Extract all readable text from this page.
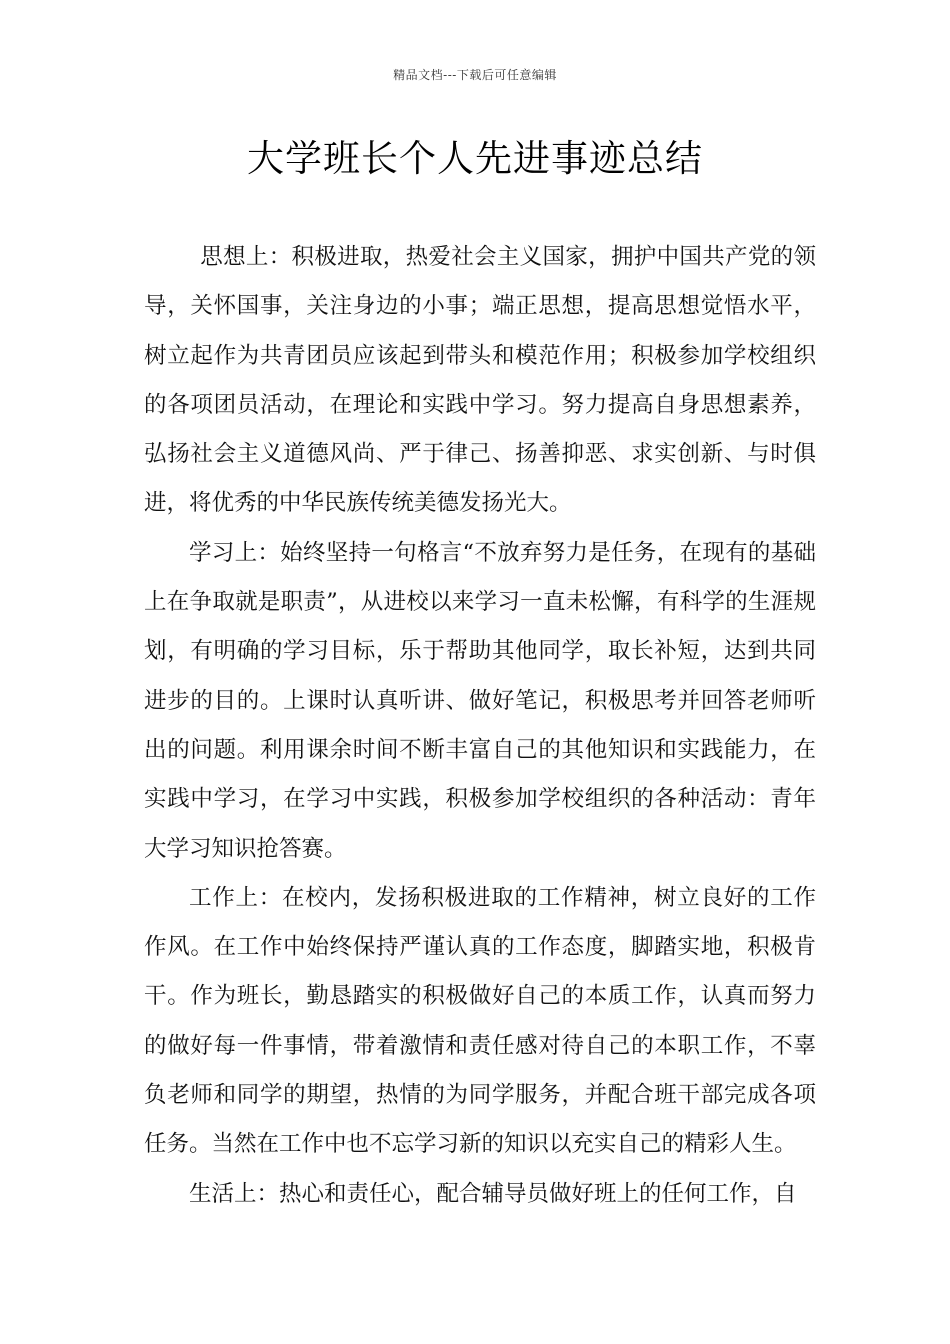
精品文档---下载后可任意编辑
大学班长个人先进事迹总结

思想上：积极进取，热爱社会主义国家，拥护中国共产党的领导，关怀国事，关注身边的小事；端正思想，提高思想觉悟水平，树立起作为共青团员应该起到带头和模范作用；积极参加学校组织的各项团员活动，在理论和实践中学习。努力提高自身思想素养，弘扬社会主义道德风尚、严于律己、扬善抑恶、求实创新、与时俱进，将优秀的中华民族传统美德发扬光大。

学习上：始终坚持一句格言“不放弃努力是任务，在现有的基础上在争取就是职责”，从进校以来学习一直未松懈，有科学的生涯规划，有明确的学习目标，乐于帮助其他同学，取长补短，达到共同进步的目的。上课时认真听讲、做好笔记，积极思考并回答老师听出的问题。利用课余时间不断丰富自己的其他知识和实践能力，在实践中学习，在学习中实践，积极参加学校组织的各种活动：青年大学习知识抢答赛。

工作上：在校内，发扬积极进取的工作精神，树立良好的工作作风。在工作中始终保持严谨认真的工作态度，脚踏实地，积极肯干。作为班长，勤恳踏实的积极做好自己的本质工作，认真而努力的做好每一件事情，带着激情和责任感对待自己的本职工作，不辜负老师和同学的期望，热情的为同学服务，并配合班干部完成各项任务。当然在工作中也不忘学习新的知识以充实自己的精彩人生。

生活上：热心和责任心，配合辅导员做好班上的任何工作，自
